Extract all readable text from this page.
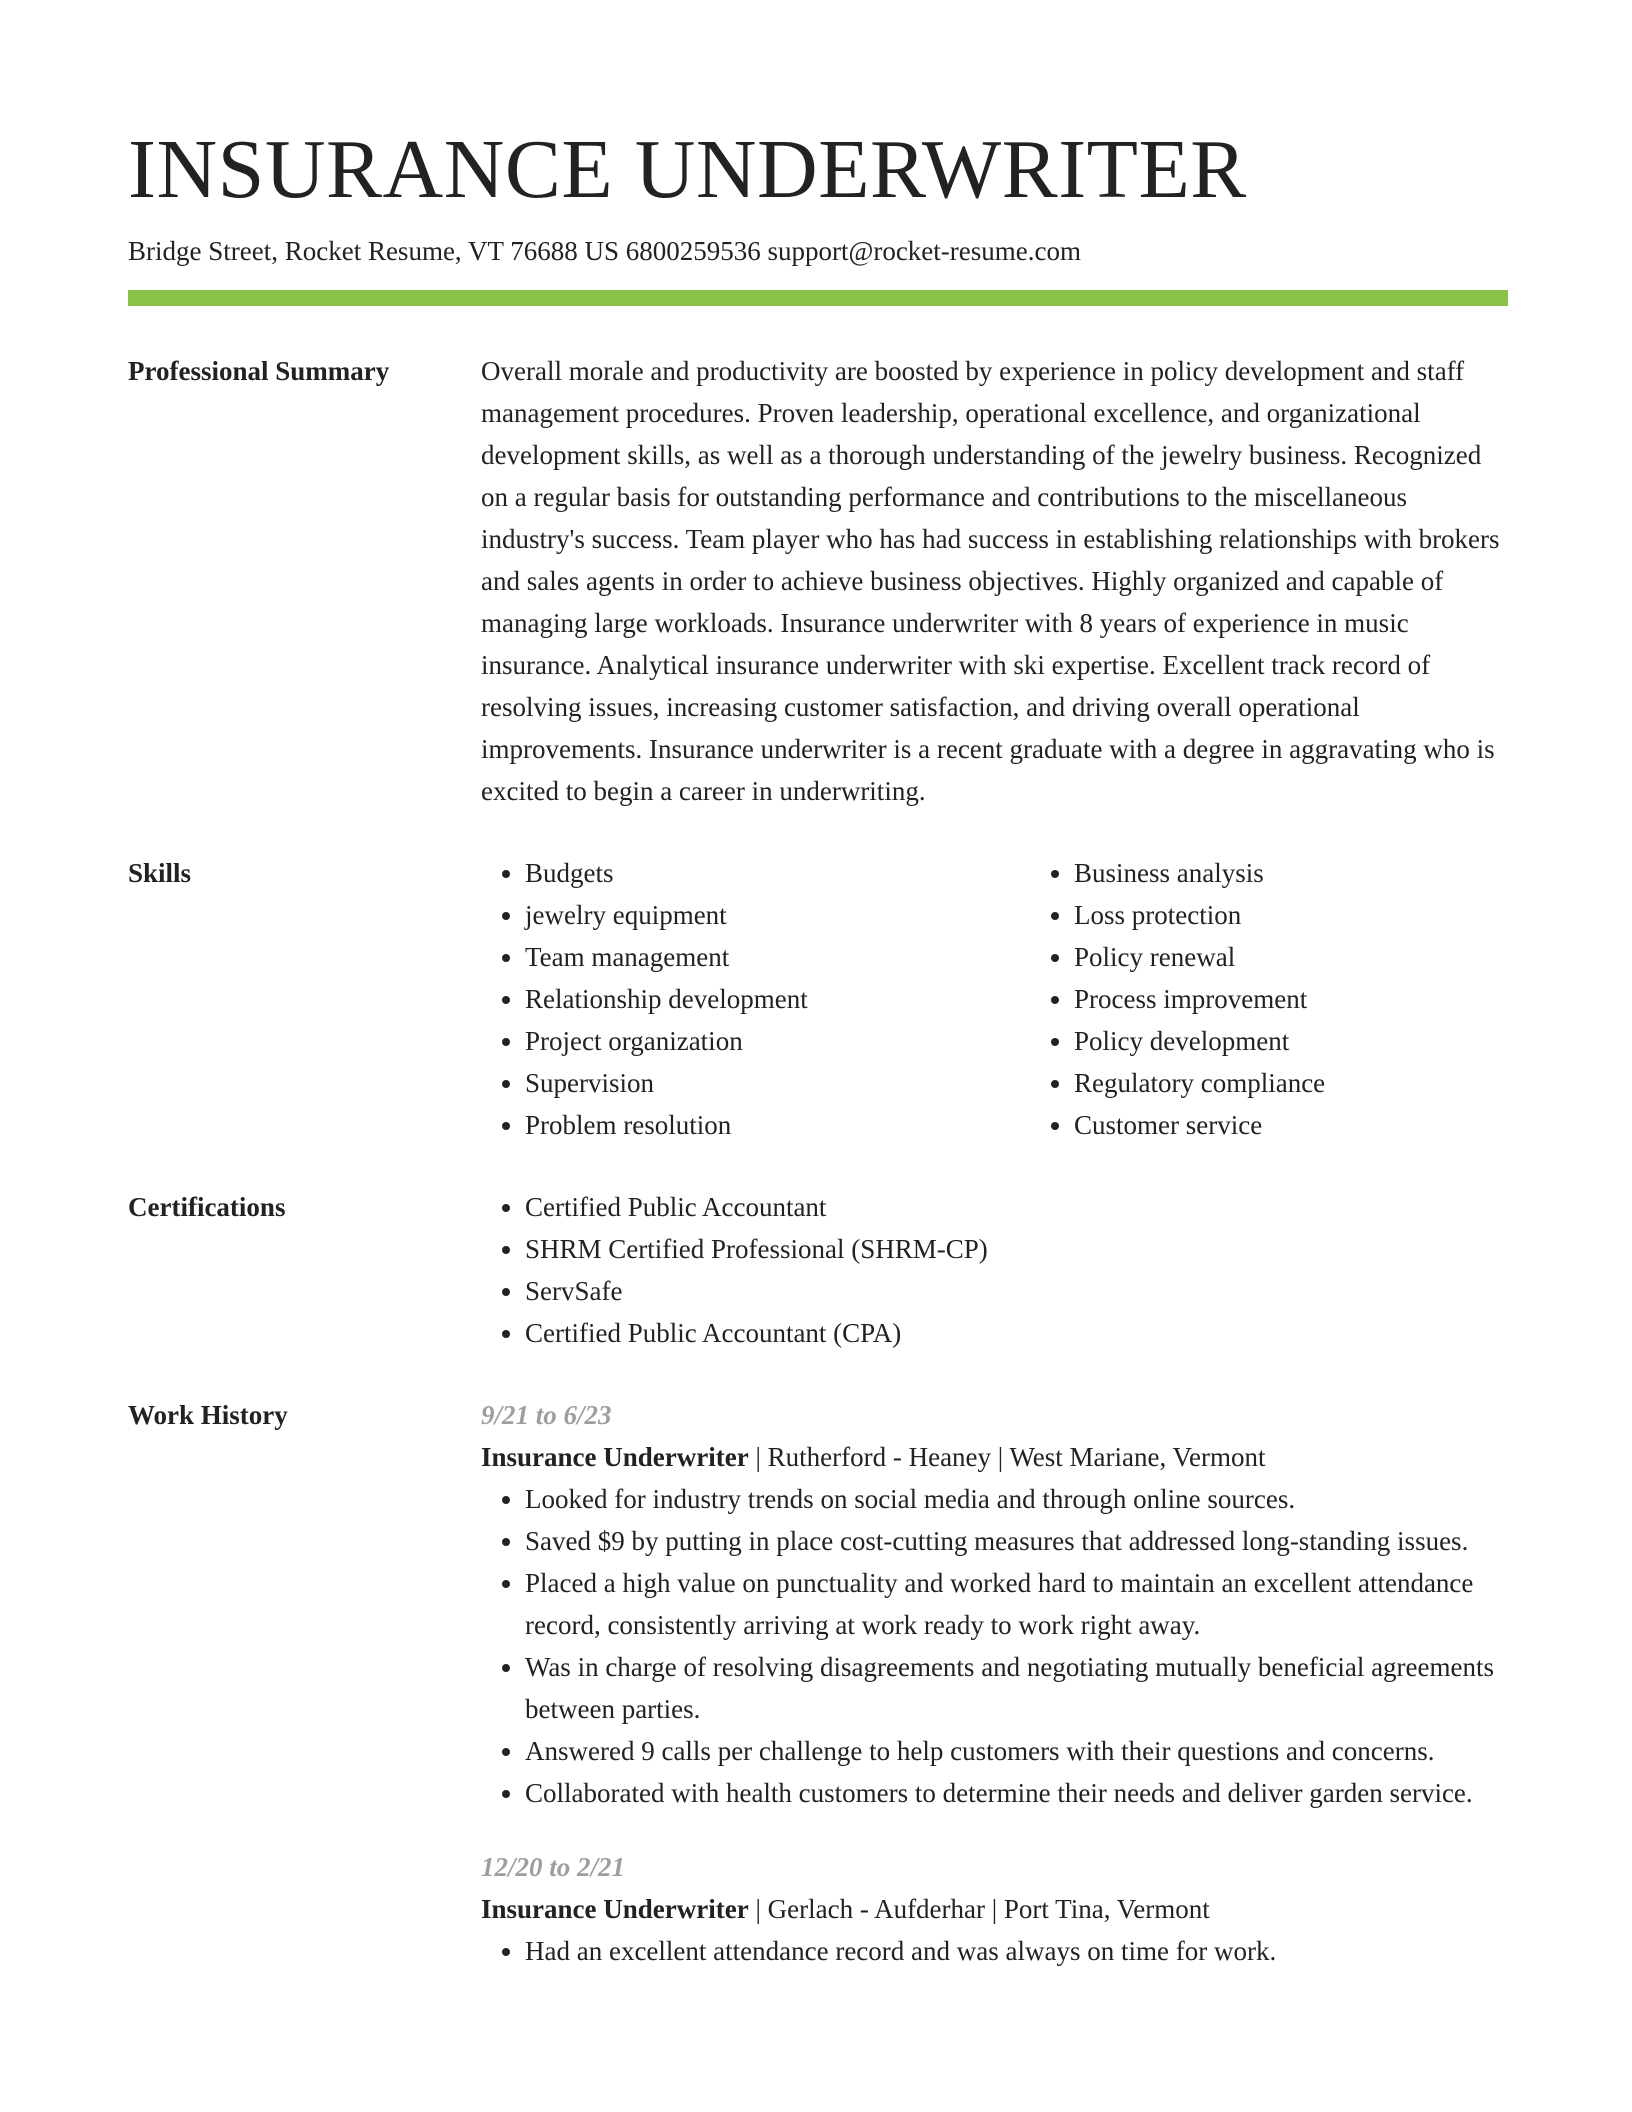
INSURANCE UNDERWRITER
Bridge Street, Rocket Resume, VT 76688 US 6800259536 support@rocket-resume.com
Professional Summary	Overall morale and productivity are boosted by experience in policy development and staff management procedures. Proven leadership, operational excellence, and organizational development skills, as well as a thorough understanding of the jewelry business. Recognized on a regular basis for outstanding performance and contributions to the miscellaneous industry's success. Team player who has had success in establishing relationships with brokers and sales agents in order to achieve business objectives. Highly organized and capable of managing large workloads. Insurance underwriter with 8 years of experience in music insurance. Analytical insurance underwriter with ski expertise. Excellent track record of resolving issues, increasing customer satisfaction, and driving overall operational improvements. Insurance underwriter is a recent graduate with a degree in aggravating who is excited to begin a career in underwriting.

Skills	• Budgets
• jewelry equipment
• Team management
• Relationship development
• Project organization
• Supervision
• Problem resolution
• Business analysis
• Loss protection
• Policy renewal
• Process improvement
• Policy development
• Regulatory compliance
• Customer service
Certifications	• Certified Public Accountant
• SHRM Certified Professional (SHRM-CP)
• ServSafe
• Certified Public Accountant (CPA)
Work History	9/21 to 6/23
Insurance Underwriter | Rutherford - Heaney | West Mariane, Vermont
• Looked for industry trends on social media and through online sources.
• Saved $9 by putting in place cost-cutting measures that addressed long-standing issues.
• Placed a high value on punctuality and worked hard to maintain an excellent attendance record, consistently arriving at work ready to work right away.
• Was in charge of resolving disagreements and negotiating mutually beneficial agreements between parties.
• Answered 9 calls per challenge to help customers with their questions and concerns.
• Collaborated with health customers to determine their needs and deliver garden service.
12/20 to 2/21
Insurance Underwriter | Gerlach - Aufderhar | Port Tina, Vermont
• Had an excellent attendance record and was always on time for work.
